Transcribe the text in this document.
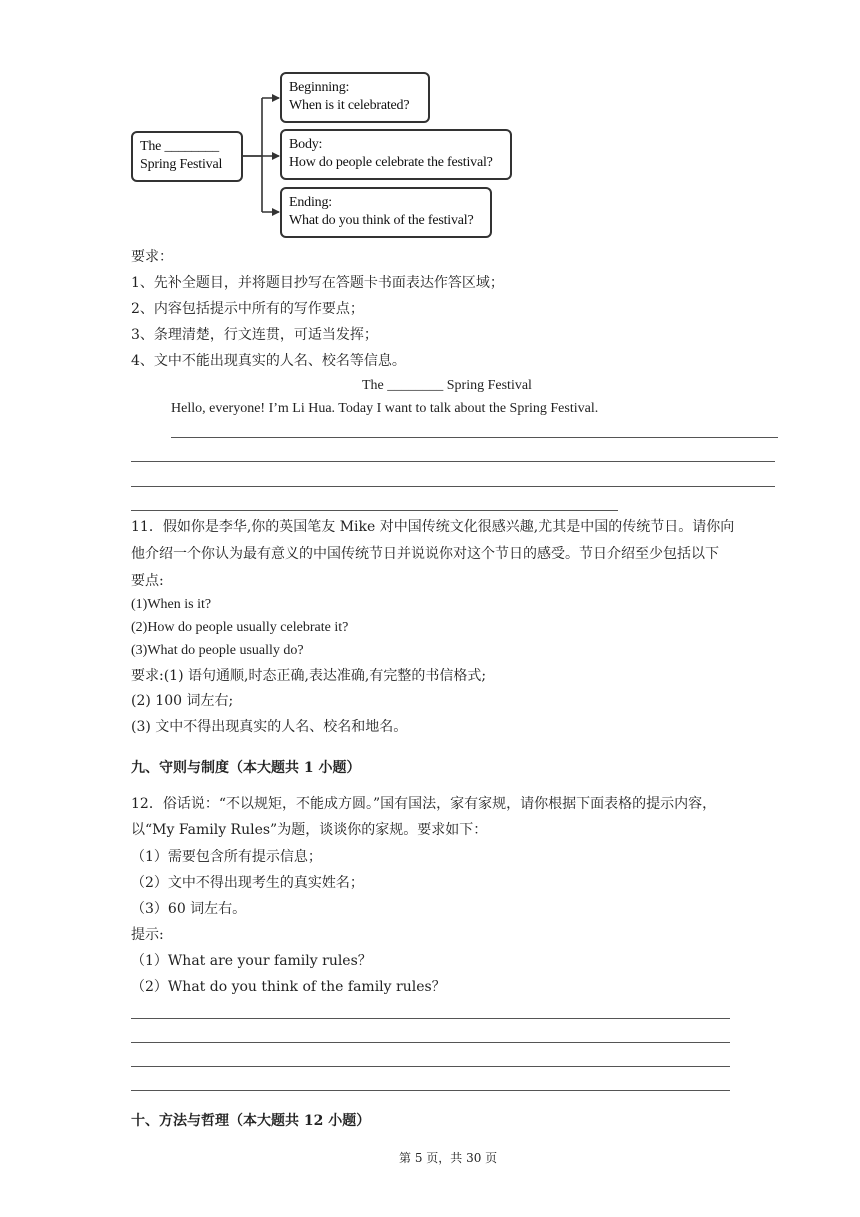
The ________
Spring Festival
Beginning:
When is it celebrated?
Body:
How do people celebrate the festival?
Ending:
What do you think of the festival?
要求：
1、先补全题目，并将题目抄写在答题卡书面表达作答区域；
2、内容包括提示中所有的写作要点；
3、条理清楚，行文连贯，可适当发挥；
4、文中不能出现真实的人名、校名等信息。
The ________ Spring Festival
Hello, everyone! I’m Li Hua. Today I want to talk about the Spring Festival.
11．假如你是李华,你的英国笔友 Mike 对中国传统文化很感兴趣,尤其是中国的传统节日。请你向
他介绍一个你认为最有意义的中国传统节日并说说你对这个节日的感受。节日介绍至少包括以下
要点:
(1)When is it?
(2)How do people usually celebrate it?
(3)What do people usually do?
要求:(1) 语句通顺,时态正确,表达准确,有完整的书信格式;
(2) 100 词左右;
(3) 文中不得出现真实的人名、校名和地名。
九、守则与制度（本大题共 1 小题）
12．俗话说：“不以规矩，不能成方圆。”国有国法，家有家规，请你根据下面表格的提示内容，
以“My Family Rules”为题，谈谈你的家规。要求如下：
（1）需要包含所有提示信息；
（2）文中不得出现考生的真实姓名；
（3）60 词左右。
提示:
（1）What are your family rules？
（2）What do you think of the family rules？
十、方法与哲理（本大题共 12 小题）
第 5 页，共 30 页
